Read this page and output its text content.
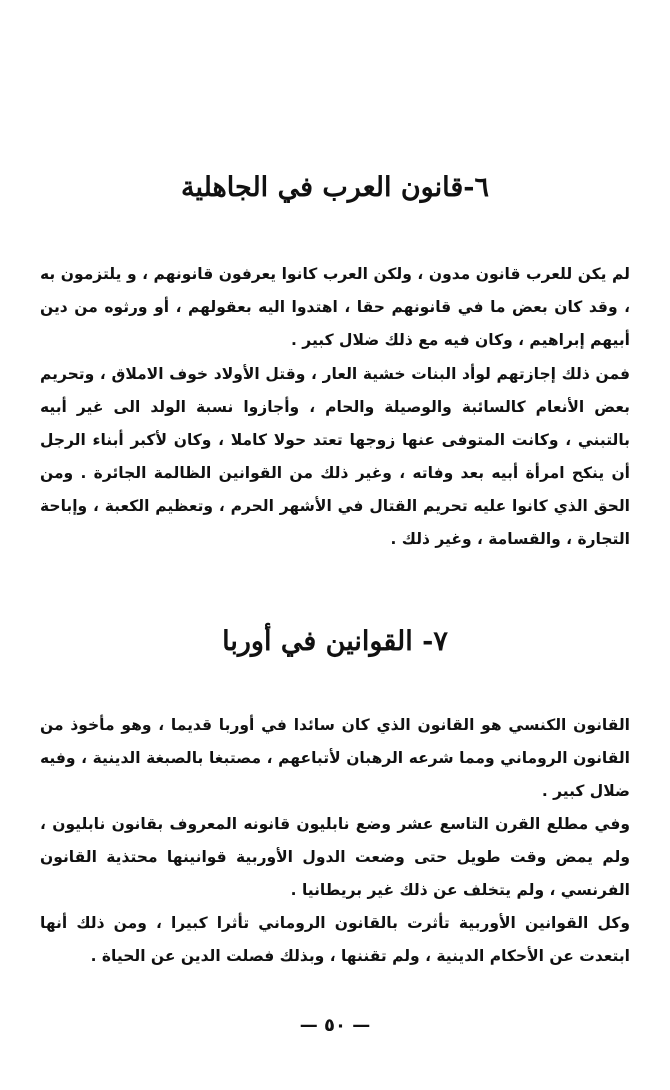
٦-قانون العرب في الجاهلية

لم يكن للعرب قانون مدون ، ولكن العرب كانوا يعرفون قانونهم ، و يلتزمون به ، وقد كان بعض ما في قانونهم حقا ، اهتدوا اليه بعقولهم ، أو ورثوه من دين أبيهم إبراهيم ، وكان فيه مع ذلك ضلال كبير .

فمن ذلك إجازتهم لوأد البنات خشية العار ، وقتل الأولاد خوف الاملاق ، وتحريم بعض الأنعام كالسائبة والوصيلة والحام ، وأجازوا نسبة الولد الى غير أبيه بالتبني ، وكانت المتوفى عنها زوجها تعتد حولا كاملا ، وكان لأكبر أبناء الرجل أن ينكح امرأة أبيه بعد وفاته ، وغير ذلك من القوانين الظالمة الجائرة . ومن الحق الذي كانوا عليه تحريم القتال في الأشهر الحرم ، وتعظيم الكعبة ، وإباحة التجارة ، والقسامة ، وغير ذلك .

٧- القوانين في أوربا

القانون الكنسي هو القانون الذي كان سائدا في أوربا قديما ، وهو مأخوذ من القانون الروماني ومما شرعه الرهبان لأتباعهم ، مصتبغا بالصبغة الدينية ، وفيه ضلال كبير .

وفي مطلع القرن التاسع عشر وضع نابليون قانونه المعروف بقانون نابليون ، ولم يمض وقت طويل حتى وضعت الدول الأوربية قوانينها محتذية القانون الفرنسي ، ولم يتخلف عن ذلك غير بريطانيا .

وكل القوانين الأوربية تأثرت بالقانون الروماني تأثرا كبيرا ، ومن ذلك أنها ابتعدت عن الأحكام الدينية ، ولم تقننها ، وبذلك فصلت الدين عن الحياة .

— ٥٠ —
